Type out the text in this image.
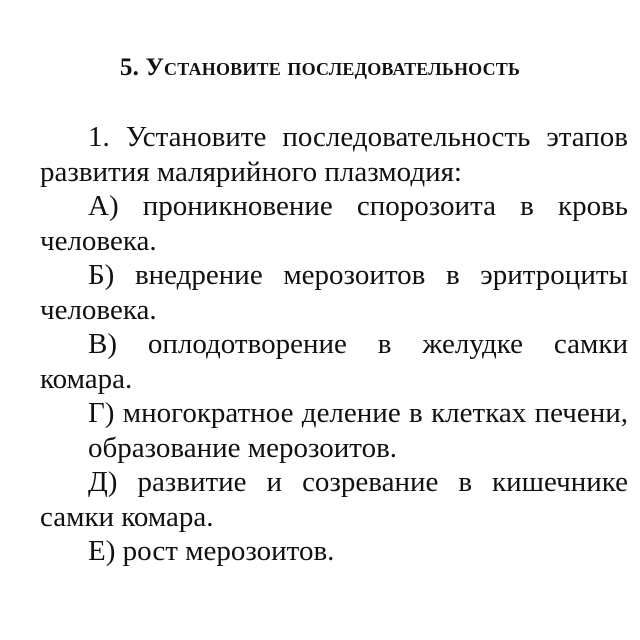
5. Установите последовательность

1. Установите последовательность этапов развития малярийного плазмодия:

А) проникновение спорозоита в кровь человека.

Б) внедрение мерозоитов в эритроциты человека.

В) оплодотворение в желудке самки комара.

Г) многократное деление в клетках печени, образование мерозоитов.

Д) развитие и созревание в кишечнике самки комара.

Е) рост мерозоитов.
